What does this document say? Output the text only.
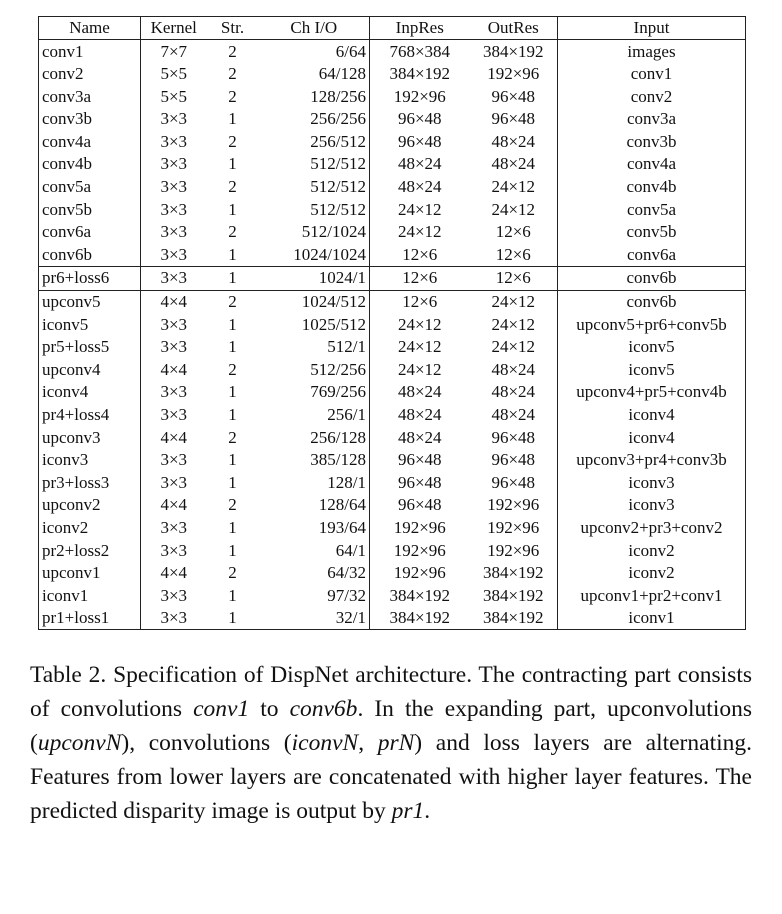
Name	Kernel	Str.	Ch I/O	InpRes	OutRes	Input
conv1	7×7	2	6/64	768×384	384×192	images
conv2	5×5	2	64/128	384×192	192×96	conv1
conv3a	5×5	2	128/256	192×96	96×48	conv2
conv3b	3×3	1	256/256	96×48	96×48	conv3a
conv4a	3×3	2	256/512	96×48	48×24	conv3b
conv4b	3×3	1	512/512	48×24	48×24	conv4a
conv5a	3×3	2	512/512	48×24	24×12	conv4b
conv5b	3×3	1	512/512	24×12	24×12	conv5a
conv6a	3×3	2	512/1024	24×12	12×6	conv5b
conv6b	3×3	1	1024/1024	12×6	12×6	conv6a
pr6+loss6	3×3	1	1024/1	12×6	12×6	conv6b
upconv5	4×4	2	1024/512	12×6	24×12	conv6b
iconv5	3×3	1	1025/512	24×12	24×12	upconv5+pr6+conv5b
pr5+loss5	3×3	1	512/1	24×12	24×12	iconv5
upconv4	4×4	2	512/256	24×12	48×24	iconv5
iconv4	3×3	1	769/256	48×24	48×24	upconv4+pr5+conv4b
pr4+loss4	3×3	1	256/1	48×24	48×24	iconv4
upconv3	4×4	2	256/128	48×24	96×48	iconv4
iconv3	3×3	1	385/128	96×48	96×48	upconv3+pr4+conv3b
pr3+loss3	3×3	1	128/1	96×48	96×48	iconv3
upconv2	4×4	2	128/64	96×48	192×96	iconv3
iconv2	3×3	1	193/64	192×96	192×96	upconv2+pr3+conv2
pr2+loss2	3×3	1	64/1	192×96	192×96	iconv2
upconv1	4×4	2	64/32	192×96	384×192	iconv2
iconv1	3×3	1	97/32	384×192	384×192	upconv1+pr2+conv1
pr1+loss1	3×3	1	32/1	384×192	384×192	iconv1

Table 2. Specification of DispNet architecture. The contracting part consists of convolutions conv1 to conv6b. In the expanding part, upconvolutions (upconvN), convolutions (iconvN, prN) and loss layers are alternating. Features from lower layers are concatenated with higher layer features. The predicted disparity image is output by pr1.
